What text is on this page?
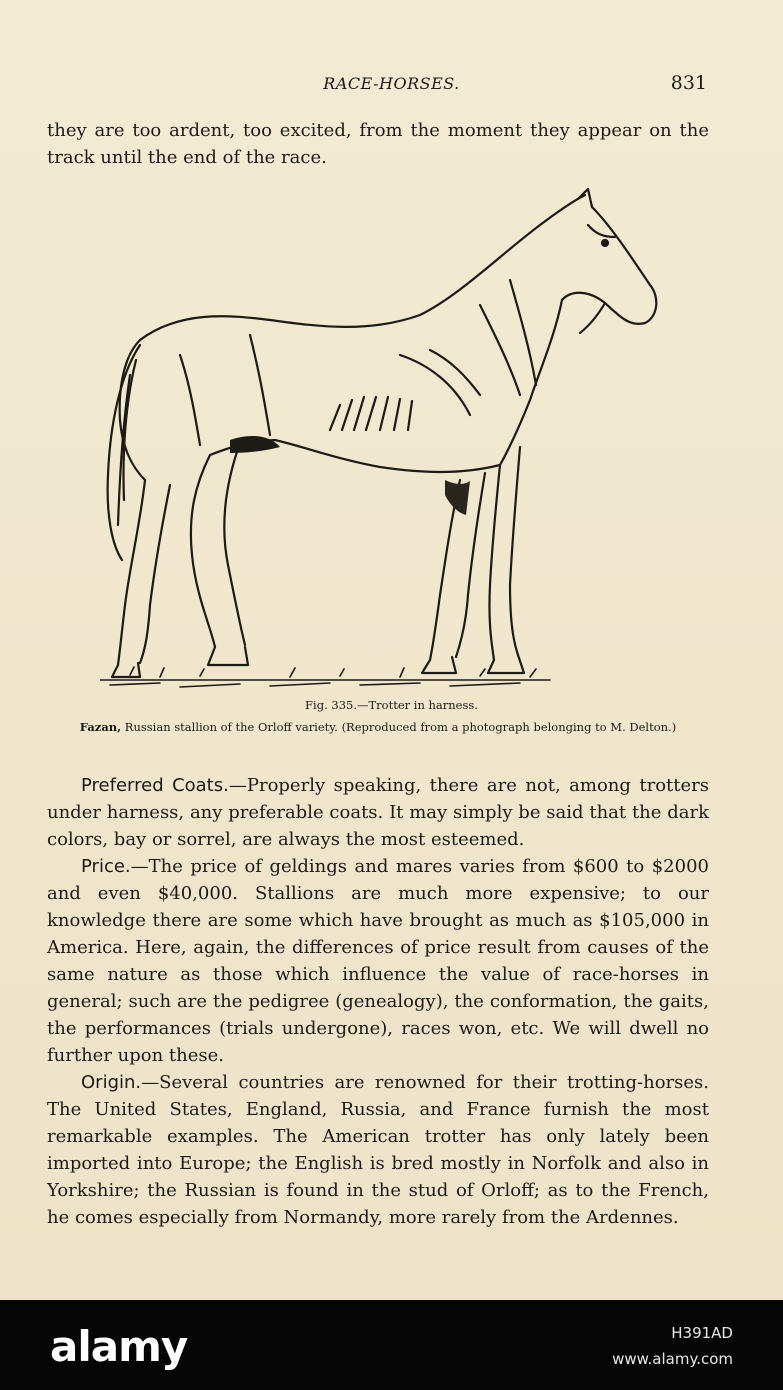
RACE-HORSES.	831
they are too ardent, too excited, from the moment they appear on the track until the end of the race.
Fig. 335.—Trotter in harness.
Fazan, Russian stallion of the Orloff variety. (Reproduced from a photograph belonging to M. Delton.)
Preferred Coats.—Properly speaking, there are not, among trotters under harness, any preferable coats. It may simply be said that the dark colors, bay or sorrel, are always the most esteemed.
Price.—The price of geldings and mares varies from $600 to $2000 and even $40,000. Stallions are much more expensive; to our knowledge there are some which have brought as much as $105,000 in America. Here, again, the differences of price result from causes of the same nature as those which influence the value of race-horses in general; such are the pedigree (genealogy), the conformation, the gaits, the performances (trials undergone), races won, etc. We will dwell no further upon these.
Origin.—Several countries are renowned for their trotting-horses. The United States, England, Russia, and France furnish the most remarkable examples. The American trotter has only lately been imported into Europe; the English is bred mostly in Norfolk and also in Yorkshire; the Russian is found in the stud of Orloff; as to the French, he comes especially from Normandy, more rarely from the Ardennes.
alamy	H391AD
www.alamy.com
